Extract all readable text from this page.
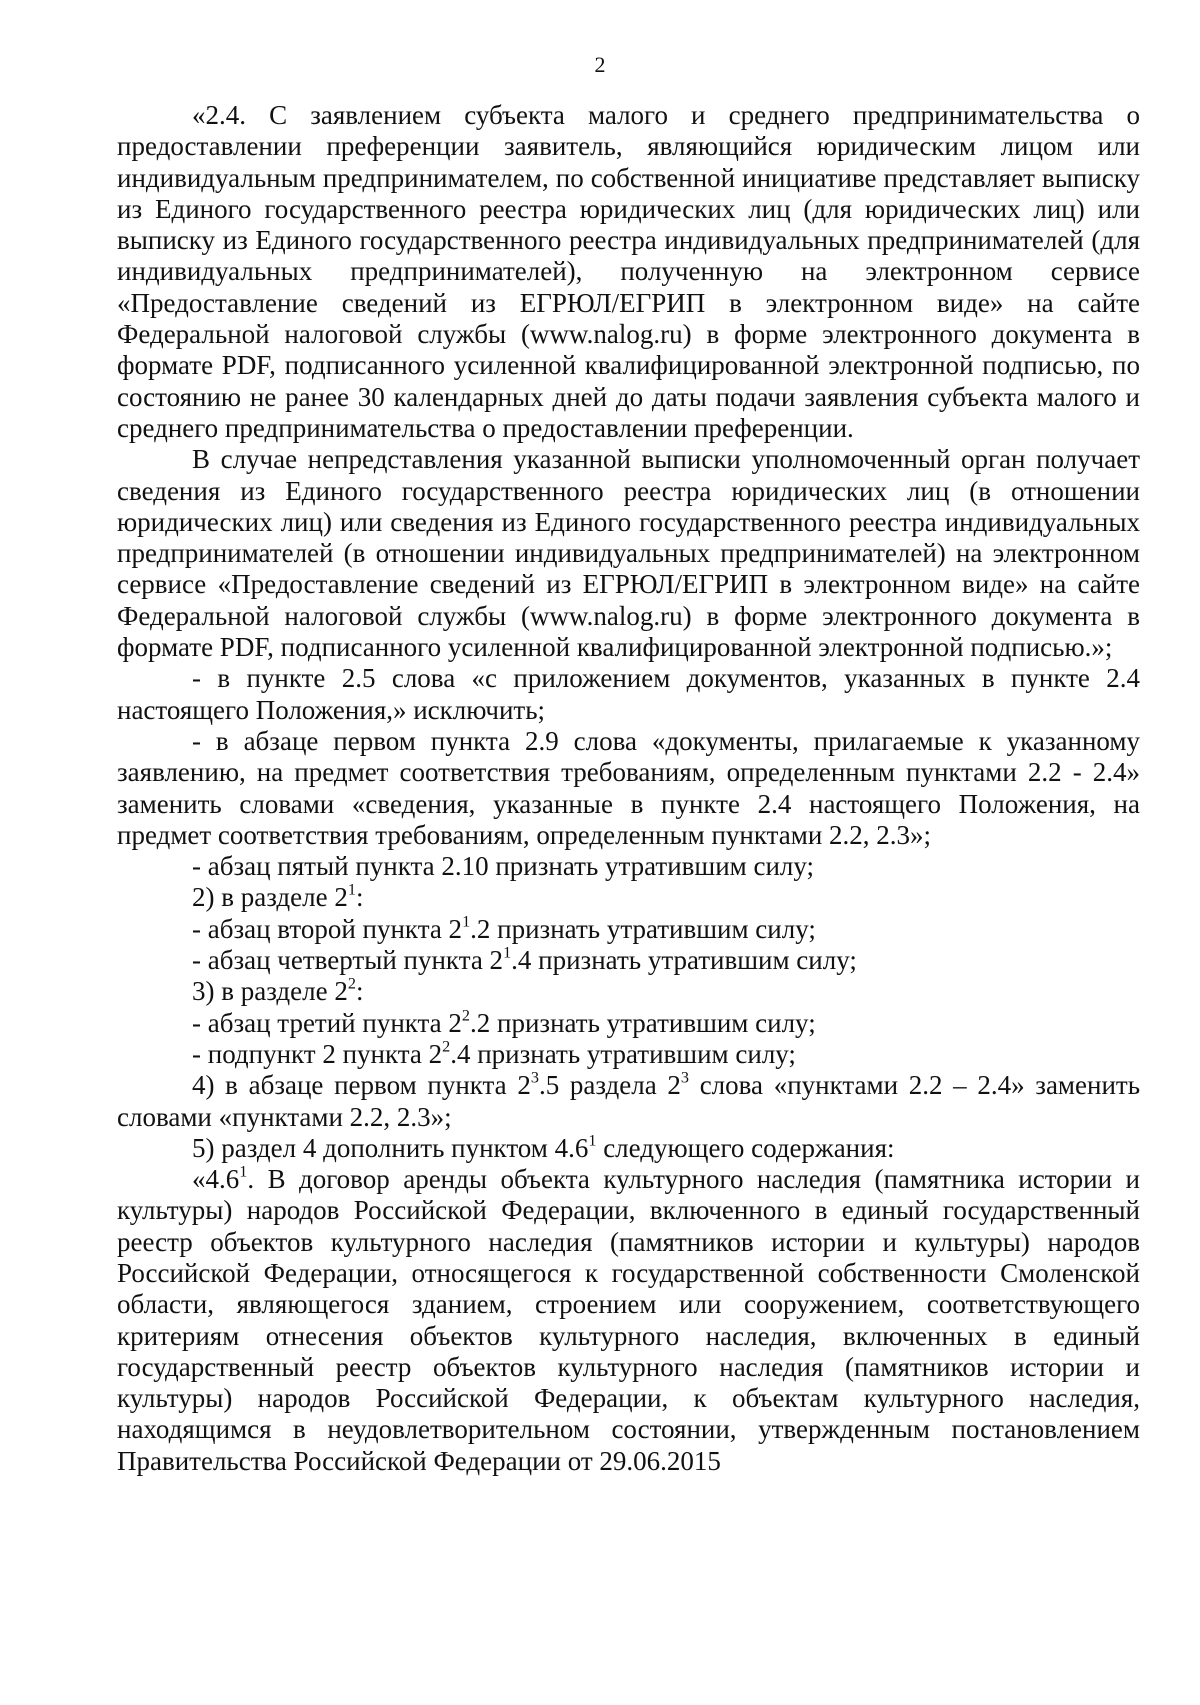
2

«2.4. С заявлением субъекта малого и среднего предпринимательства о предоставлении преференции заявитель, являющийся юридическим лицом или индивидуальным предпринимателем, по собственной инициативе представляет выписку из Единого государственного реестра юридических лиц (для юридических лиц) или выписку из Единого государственного реестра индивидуальных предпринимателей (для индивидуальных предпринимателей), полученную на электронном сервисе «Предоставление сведений из ЕГРЮЛ/ЕГРИП в электронном виде» на сайте Федеральной налоговой службы (www.nalog.ru) в форме электронного документа в формате PDF, подписанного усиленной квалифицированной электронной подписью, по состоянию не ранее 30 календарных дней до даты подачи заявления субъекта малого и среднего предпринимательства о предоставлении преференции.

В случае непредставления указанной выписки уполномоченный орган получает сведения из Единого государственного реестра юридических лиц (в отношении юридических лиц) или сведения из Единого государственного реестра индивидуальных предпринимателей (в отношении индивидуальных предпринимателей) на электронном сервисе «Предоставление сведений из ЕГРЮЛ/ЕГРИП в электронном виде» на сайте Федеральной налоговой службы (www.nalog.ru) в форме электронного документа в формате PDF, подписанного усиленной квалифицированной электронной подписью.»;

- в пункте 2.5 слова «с приложением документов, указанных в пункте 2.4 настоящего Положения,» исключить;

- в абзаце первом пункта 2.9 слова «документы, прилагаемые к указанному заявлению, на предмет соответствия требованиям, определенным пунктами 2.2 - 2.4» заменить словами «сведения, указанные в пункте 2.4 настоящего Положения, на предмет соответствия требованиям, определенным пунктами 2.2, 2.3»;

- абзац пятый пункта 2.10 признать утратившим силу;

2) в разделе $2^1$:

- абзац второй пункта $2^1.2$ признать утратившим силу;

- абзац четвертый пункта $2^1.4$ признать утратившим силу;

3) в разделе $2^2$:

- абзац третий пункта $2^2.2$ признать утратившим силу;

- подпункт 2 пункта $2^2.4$ признать утратившим силу;

4) в абзаце первом пункта $2^3.5$ раздела $2^3$ слова «пунктами 2.2 – 2.4» заменить словами «пунктами 2.2, 2.3»;

5) раздел 4 дополнить пунктом $4.6^1$ следующего содержания:

«$4.6^1$. В договор аренды объекта культурного наследия (памятника истории и культуры) народов Российской Федерации, включенного в единый государственный реестр объектов культурного наследия (памятников истории и культуры) народов Российской Федерации, относящегося к государственной собственности Смоленской области, являющегося зданием, строением или сооружением, соответствующего критериям отнесения объектов культурного наследия, включенных в единый государственный реестр объектов культурного наследия (памятников истории и культуры) народов Российской Федерации, к объектам культурного наследия, находящимся в неудовлетворительном состоянии, утвержденным постановлением Правительства Российской Федерации от 29.06.2015
